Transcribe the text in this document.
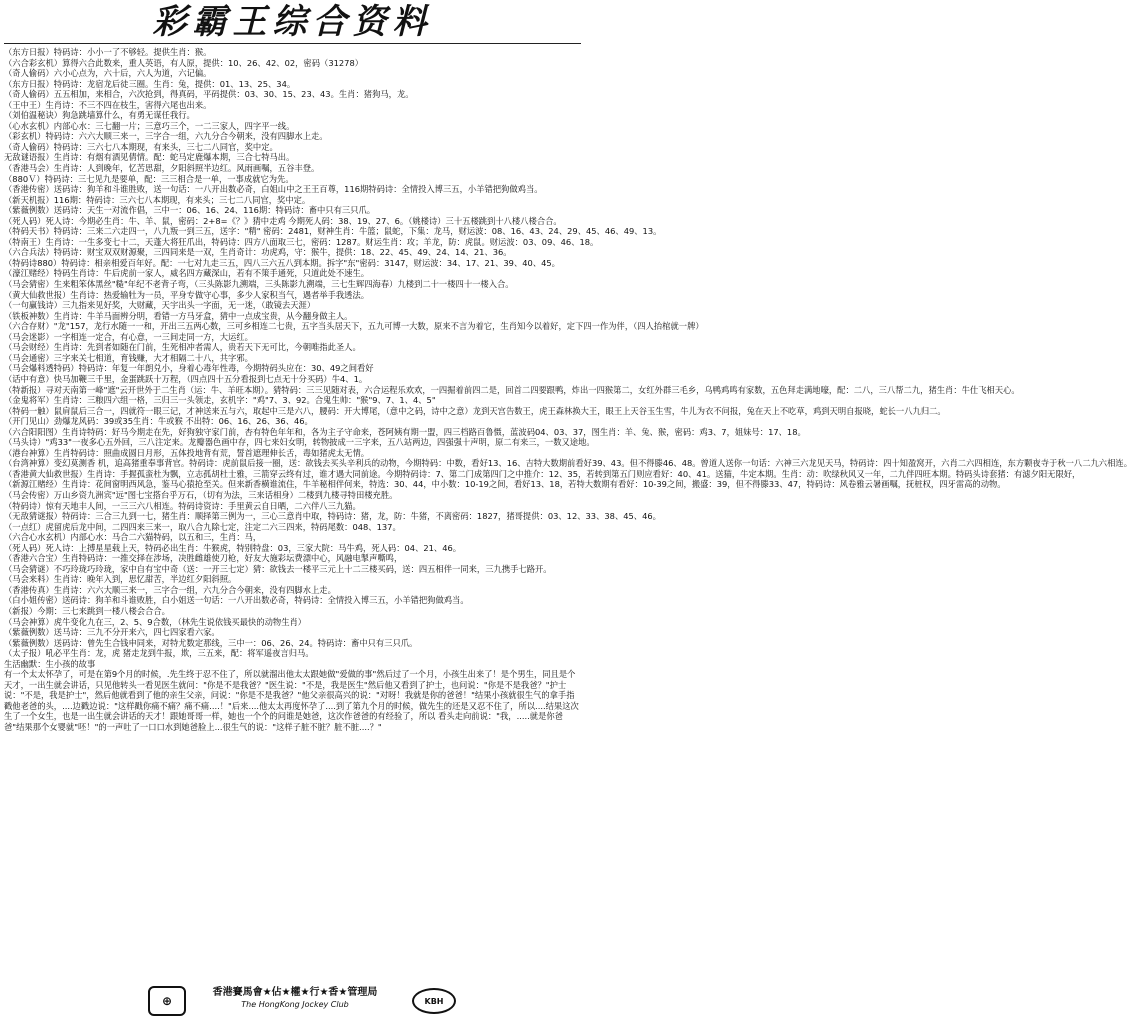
彩霸王综合资料
（东方日报）特码诗：小小一了不够轻。提供生肖：猴。
（六合彩玄机）算得六合此数来，重人英语，有人原，提供：10、26、42、02，密码（31278）
（奇人偷码）六小心点为，六十后，六人为道，六记偏。
（东方日报）特码诗：龙宿龙后徒三圈。生肖：兔，提供：01、13、25、34。
（奇人偷码）五五相加，来相合，六次抢到，得真码，平码提供：03、30、15、23、43。生肖：猪狗马，龙。
（王中王）生肖诗：不三不四在枝生，害得六尾也出来。
（刘伯温秘诀）狗急跳墙算什么，有勇无谋任我行。
（心水玄机）内部心水：三七翻一片；三意巧三个，一二三家人，四字平一线。
（彩玄机）特码诗：六六大顺三来一，三字合一组，六九分合今朝来，没有四脚水上走。
（奇人偷码）特码诗：三六七八本期现，有来头，三七二八同官，奖中定。
无敌谜语报）生肖诗：有烟有酒见倩情。配：蛇马定鹿爆本期，三合七特马出。
（香港马会）生肖诗：人到晚年，忆苦思甜，夕阳斜照半边红。风雨画嘱，五谷丰登。
（880Ｖ）特码诗：三七见九是要单，配：三三相合是一单，一事成就它为先。
（香港传密）送码诗：狗羊和斗谁胜败，送一句话：一八开出数必奇，白姐山中之王王百尊，116期特码诗：全情投入博三五，小羊错把狗做鸡当。
（新天机报）116期：特码诗：三六七八本期现，有来头；三七二八同官，奖中定。
（紫薇例数）送码诗：天生一对流作倡，三中一：06、16、24、116期：特码诗：畜中只有三只爪。
（死人码）死人诗：今期必生肖：牛、羊、鼠，密码：2+8=《？》猜中走鸡 今期死人码：38、19、27、6。（姚楼诗）三十五楼跳到十八楼八楼合合。
（特码天书）特码诗：三来二六走四一，八九叛一到三五，送字："精" 密码：2481，财神生肖：牛篮；鼠蛇，下集：龙马，财运波：08、16、43、24、29、45、46、49、13。
（特南王）生肖诗：一生多变七十二，天蓬大将狂爪出，特码诗：四方八面取三七，密码：1287。财运生肖：攻；羊龙，防：虎鼠。财运波：03、09、46、18。
（六合兵法）特码诗：财宝双双财源聚，三四同来是一双，生肖奇计：功虎鸡，守：猴牛，提供：18、22、45、49、24、14、21、36。
（特码诗880）特码诗：相亲相爱百年好。配：一七对九走三五，四八三六五八到本期。拆字"东"密码：3147，财运波：34、17、21、39、40、45。
（濠江赌经）特码生肖诗：牛后虎前一家人，威名四方藏深山，若有不策手通死，只道此处不速生。
（马会猜密）生来粗笨体黑丝"糙"年纪不老背子弯，（三头陈影九溯端，三头陈影九溯端，三七生辉四海春）九楼到二十一楼四十一楼入合。
（黄大仙救世报）生肖诗：热爱输牡为一员，平身专做守心事，多少人家积当气，遇者举手我透法。
（一句赢钱诗）三九指来见好奖，大财藏，天宇出头一字面，无一迷，（敢镜去天涯）
（铁板神数）生肖诗：牛羊马面辨分明，看错一方马牙盒，猜中一点成宝贵，从今翻身做主人。
（六合存财）"龙"157，龙行水随一一和，开出三五两心数，三可乡相连二七贵，五字当头居天下，五九可博一大数，原来不言为着它，生肖知今以着好，定下四一作为伴，（四人抬棺就一牌）
（马会迷影）一字相连一定合，有心意，一三间走同一方，大运红。
（马会财经）生肖诗：先到者如随在门前，生死相冲者需人，贵若天下无可比，今朝唯指此圣人。
（马会通密）三字来关七相道，育钱赚，大才相隔二十八，共字邪。
（马会爆料透特码）特码诗：年复一年朗兑小，身着心毒年性毒，今期特码头应在：30、49之间看好
（话中有意）快马加鞭三千里，金蛋跳跃十万程，（四点四十五分看报到七点无十分买码）牛4、1。
（特新报）寻对天南第一峰"遮"云开世外于二生肖（运：牛、羊旺本期）。猜特码：三三见随对表，六合运程乐欢欢，一四掘着前四二是，回首二四要跟鸭，炸出一四猴第二，女红外群三毛乡，乌鸭鸡鸣有家数，五色拜走满地嚎，配：二八，三八帮二九，猪生肖：牛仕飞相天心。
（金鬼将军）生肖诗：三粮四六组一格，三归三一头领走，玄机字："鸡"7、3、92。合鬼生帅："猴"9、7、1、4、5"
（特码一触）鼠肩鼠后三合一，四就符一眼三记，才神送来五与六，取起中三是六八，腰码：开大博尾，（意中之码，诗中之意）龙到天宫告数王，虎王森林换大王，眼王上天谷玉生雪，牛儿为衣不问报，兔在天上不吃草，鸡到天明自报晓，蛇长一八九归二。
（开门见山）劲爆龙风码：39或35生肖：牛或猴 不出特：06、16、26、36、46。
（六合阳阳图）生肖诗特码：好马今期走在先，好狗独守家门前，杏有特色年年和，各为主子守命来，苍阿姨有期一盟，四三档路百鲁慑，蓝波码04、03、37，图生肖：羊、兔、猴，密码：鸡3、7，姐妹号：17、18。
（马头诗）"鸡33"一夜多心五外回，三八注定来。龙瓣器色画中存，四七来妇女明，转物披成一三字来，五八站两边，四强强十声明，原二有来三，一数又途地。
（港台神算）生肖特码诗：照曲成圆日月形，五体投地背有荒，誓首遮理伸长舌，毒如猪虎太无情。
（台湾神算）变幻莫测香 机，追高猪重奉事背官。特码诗：虎前鼠后接一圈，送：欲钱去买头辛利兵的动物，今期特码：中数，看好13、16、吉特大数期前看好39、43。但不得滕46、48。曾道人送你一句话：六神三六龙见天马，特码诗：四十知盈窝开，六肖二六四相连，东方颗夜寺于秋一八二九六相连。
（香港黄大仙救世报）生肖诗：手握孤蛮杜为飘，立志孤胡杜士雅，三箭穿云终有过，谁才遇大同前途。今期特码诗：7、第二门成第四门之中推介：12、35，若转到第五门则应看好：40、41。送猫，牛定本期。生肖：动：吹绿秋风又一年，二九伴四旺本期。特码头诗套猪：有滤夕阳无限好，
（新源江赌经）生肖诗：花间窗明西风急，鉴马心猿抢至关。但来新香横谁流住，牛羊秘相伴何来，特选：30、44，中小数：10-19之间，看好13、18，若特大数期有看好：10-39之间，搬盛：39，但不得滕33、47，特码诗：风卷雅云暑画嘱，抚桩权，四牙雷高的动物。
（马会传密）万山乡资九洲宾"远"图七宝搭台乎万石，（切有为法，三来话相身）二楼到九楼寻特田楼充胜。
（特码诗）惊有天地丰人间，一三三六八相连。特码诗资诗：手里黄云自日晒，二六伴八三九猫。
（无敌猜谜报）特码诗：三合三九到一七，猪生肖：顺择第三例为一，三心三意肖中取，特码诗：猪，龙，防：牛猪，不离密码：1827，猪哥提供：03、12、33、38、45、46。
（一点红）虎留虎后龙中间，二四四来三来一，取八合九除七定，注定二六三四来，特码尾数：048、137。
（六合心水玄机）内部心水：马合二六猫特码，以五和三，生肖：马，
（死人码）死人诗：上搏星星载上天，特码必出生肖：牛猴虎，特别特盘：03，三家大院：马牛鸡，死人码：04、21、46。
（香港六合宝）生肖特码诗：一推交择在涉场，决胜雌雄使刀枪，好友大施彩坛费漂中心，风融电掣声嘶鸣，
（马会猜谜）不巧玲珑巧玲珑，家中自有宝中奇（送：一开三七定）猜：欲钱去一楼平三元上十二三楼买码，送：四五相伴一同来，三九携手七路开。
（马会来料）生肖诗：晚年入到，思忆甜苦，半边红夕阳斜照。
（香港传真）生肖诗：六六大顺三来一，三字合一组，六九分合今朝来，没有四脚水上走。
（白小姐传密）送码诗：狗羊和斗谁败胜，白小姐送一句话：一八开出数必奇，特码诗：全情投入博三五，小羊错把狗做鸡当。
（新报）今期：三七来跳到一楼八楼会合合。
（马会神算）虎牛变化九在三，2、5、9合数，（林先生说依钱买最快的动物生肖）
（紫薇例数）送马诗：三九不分开来六，四七四家看六家。
（紫薇例数）送码诗：曾先生合钱申同来，对特尤数定那线，三中一：06、26、24。特码诗：畜中只有三只爪。
（太子报）吼必平生肖：龙，虎 猪走龙到牛报，欺，三五来，配：将军遥夜言归马。
生活幽默：生小孩的故事
有一个太太怀孕了，可是在第9个月的时候，.先生终于忍不住了，所以就溜出他太太跟她做"爱做的事"然后过了一个月，小孩生出来了！是个男生，同且是个天才，一出生就会讲话，只见他转头一看见医生就问："你是不是我爸？"医生说："不是，我是医生"然后他又看到了护士，也问说："你是不是我爸？"护士说："不是，我是护士"，然后他就看到了他的亲生父亲，问说："你是不是我爸？"他父亲很高兴的说："对呀！我就是你的爸爸！"结果小孩就很生气的拿手指戳他老爸的头，....边戳边说："这样戳你痛不痛？痛不痛....！"后来....他太太再度怀孕了....到了第九个月的时候，做先生的还是又忍不住了，所以....结果这次生了一个女生，也是一出生就会讲话的天才！跟她哥哥一样，她也一个个的问谁是她爸，这次作爸爸的有经验了，所以 看头走向前说："我，.....就是你爸爸"结果那个女婴就"呸！"的一声吐了一口口水到她爸脸上...很生气的说："这样子脏不脏？脏不脏....？"
⊕
香港賽馬會★佔★權★行★香★管理局
The HongKong Jockey Club	KBH
